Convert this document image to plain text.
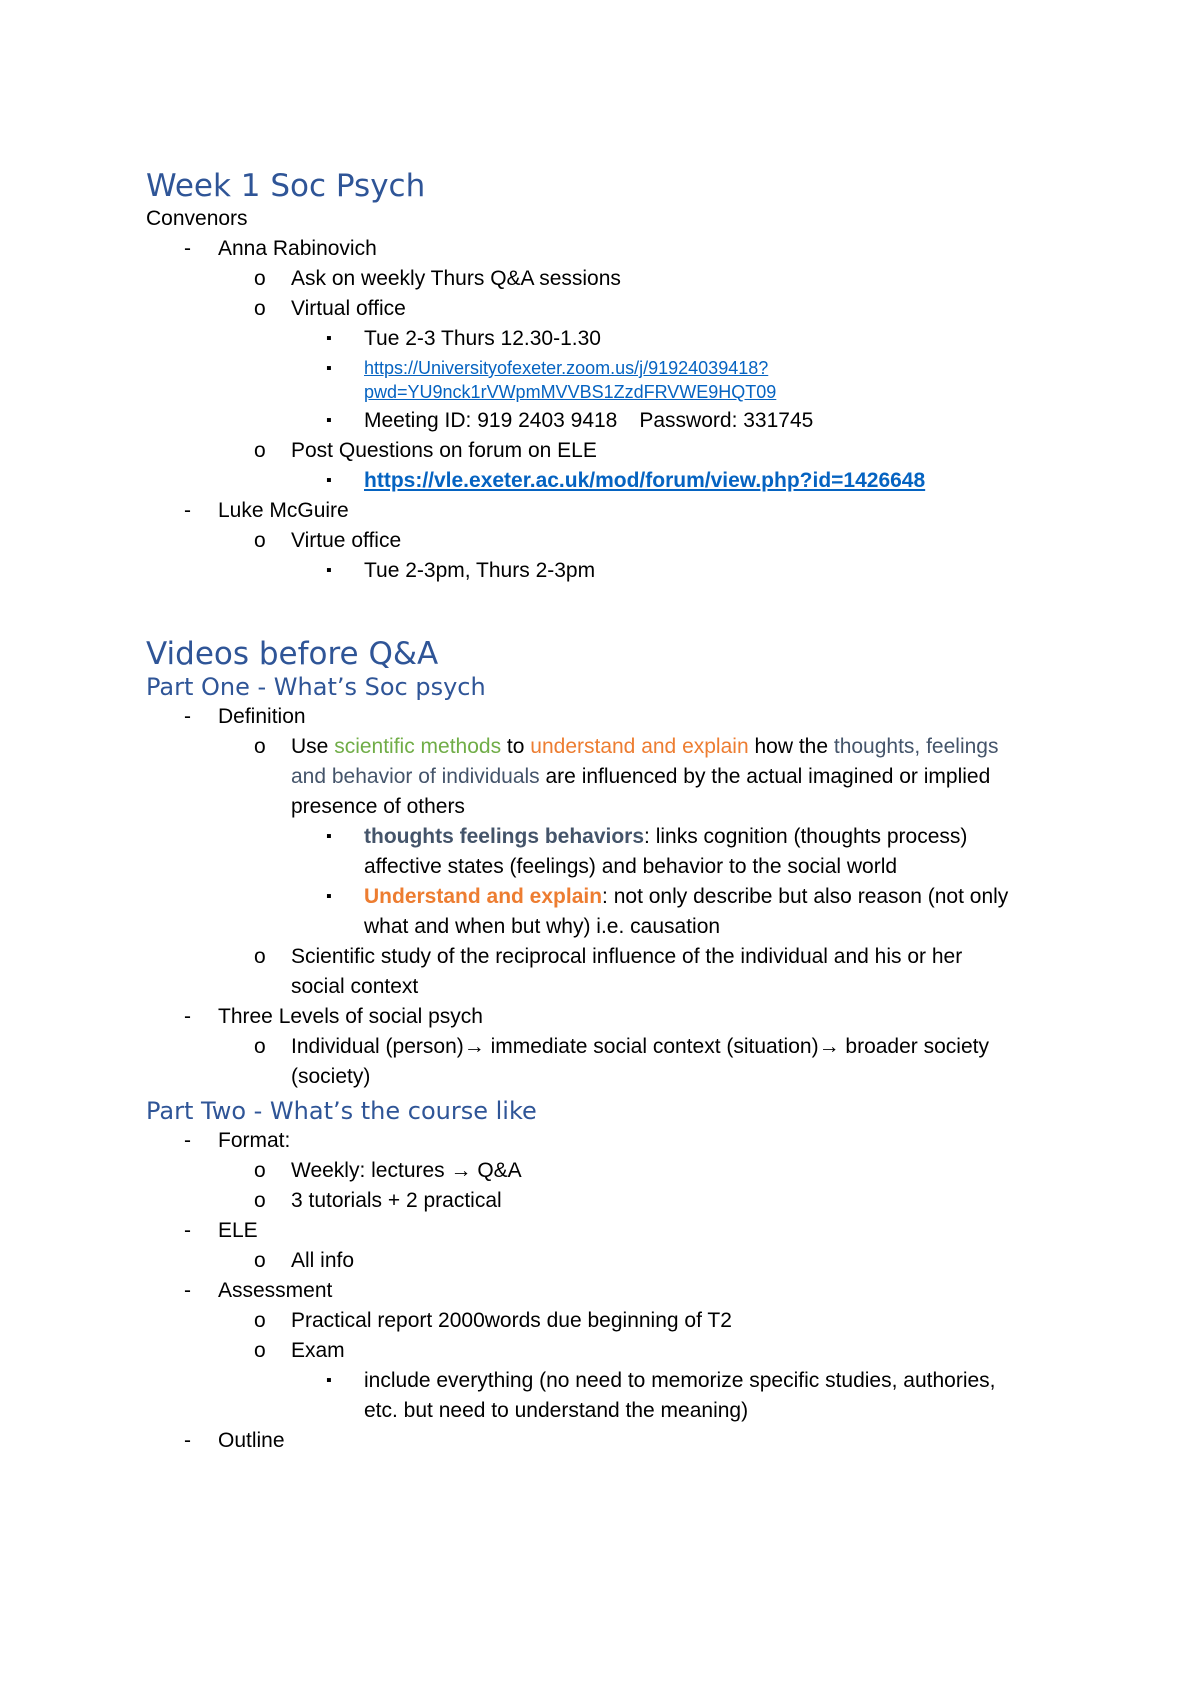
Week 1 Soc Psych
Convenors
- Anna Rabinovich
o Ask on weekly Thurs Q&A sessions
o Virtual office
▪ Tue 2-3 Thurs 12.30-1.30
▪ https://Universityofexeter.zoom.us/j/91924039418?
pwd=YU9nck1rVWpmMVVBS1ZzdFRVWE9HQT09
▪ Meeting ID: 919 2403 9418 Password: 331745
o Post Questions on forum on ELE
▪ https://vle.exeter.ac.uk/mod/forum/view.php?id=1426648
- Luke McGuire
o Virtue office
▪ Tue 2-3pm, Thurs 2-3pm
Videos before Q&A
Part One - What’s Soc psych
- Definition
o Use scientific methods to understand and explain how the thoughts, feelings
and behavior of individuals are influenced by the actual imagined or implied
presence of others
▪ thoughts feelings behaviors: links cognition (thoughts process)
affective states (feelings) and behavior to the social world
▪ Understand and explain: not only describe but also reason (not only
what and when but why) i.e. causation
o Scientific study of the reciprocal influence of the individual and his or her
social context
- Three Levels of social psych
o Individual (person)→ immediate social context (situation)→ broader society
(society)
Part Two - What’s the course like
- Format:
o Weekly: lectures → Q&A
o 3 tutorials + 2 practical
- ELE
o All info
- Assessment
o Practical report 2000words due beginning of T2
o Exam
▪ include everything (no need to memorize specific studies, authories,
etc. but need to understand the meaning)
- Outline
